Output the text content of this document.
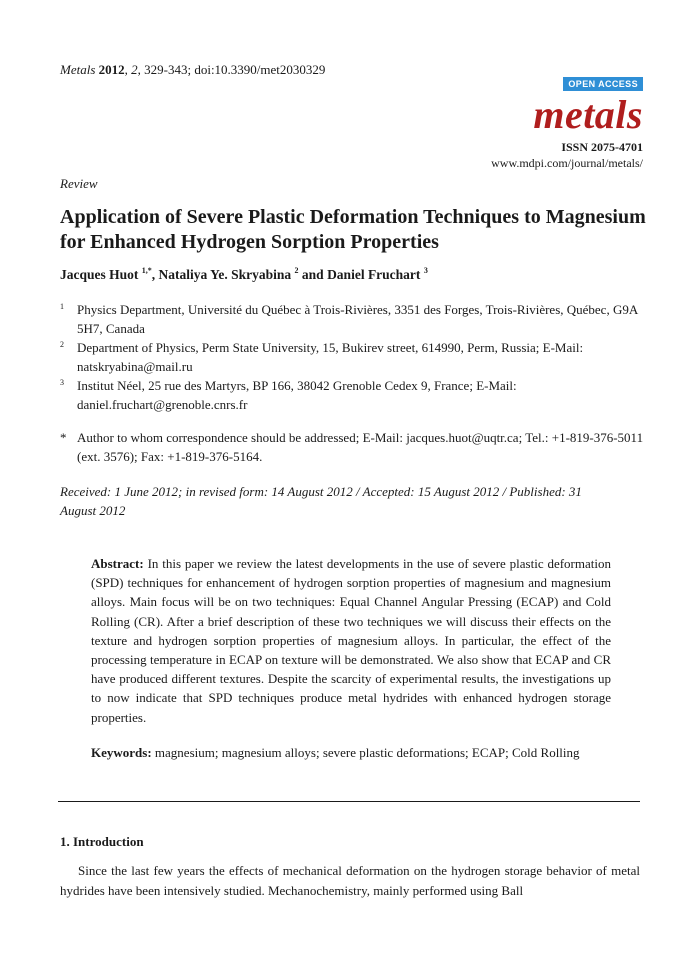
Metals 2012, 2, 329-343; doi:10.3390/met2030329
OPEN ACCESS
metals
ISSN 2075-4701
www.mdpi.com/journal/metals/
Review
Application of Severe Plastic Deformation Techniques to Magnesium for Enhanced Hydrogen Sorption Properties
Jacques Huot $^{1,*}$, Nataliya Ye. Skryabina $^2$ and Daniel Fruchart $^3$
1 Physics Department, Université du Québec à Trois-Rivières, 3351 des Forges, Trois-Rivières, Québec, G9A 5H7, Canada
2 Department of Physics, Perm State University, 15, Bukirev street, 614990, Perm, Russia; E-Mail: natskryabina@mail.ru
3 Institut Néel, 25 rue des Martyrs, BP 166, 38042 Grenoble Cedex 9, France; E-Mail: daniel.fruchart@grenoble.cnrs.fr
* Author to whom correspondence should be addressed; E-Mail: jacques.huot@uqtr.ca; Tel.: +1-819-376-5011 (ext. 3576); Fax: +1-819-376-5164.
Received: 1 June 2012; in revised form: 14 August 2012 / Accepted: 15 August 2012 / Published: 31 August 2012

Abstract: In this paper we review the latest developments in the use of severe plastic deformation (SPD) techniques for enhancement of hydrogen sorption properties of magnesium and magnesium alloys. Main focus will be on two techniques: Equal Channel Angular Pressing (ECAP) and Cold Rolling (CR). After a brief description of these two techniques we will discuss their effects on the texture and hydrogen sorption properties of magnesium alloys. In particular, the effect of the processing temperature in ECAP on texture will be demonstrated. We also show that ECAP and CR have produced different textures. Despite the scarcity of experimental results, the investigations up to now indicate that SPD techniques produce metal hydrides with enhanced hydrogen storage properties.

Keywords: magnesium; magnesium alloys; severe plastic deformations; ECAP; Cold Rolling

1. Introduction

Since the last few years the effects of mechanical deformation on the hydrogen storage behavior of metal hydrides have been intensively studied. Mechanochemistry, mainly performed using Ball
